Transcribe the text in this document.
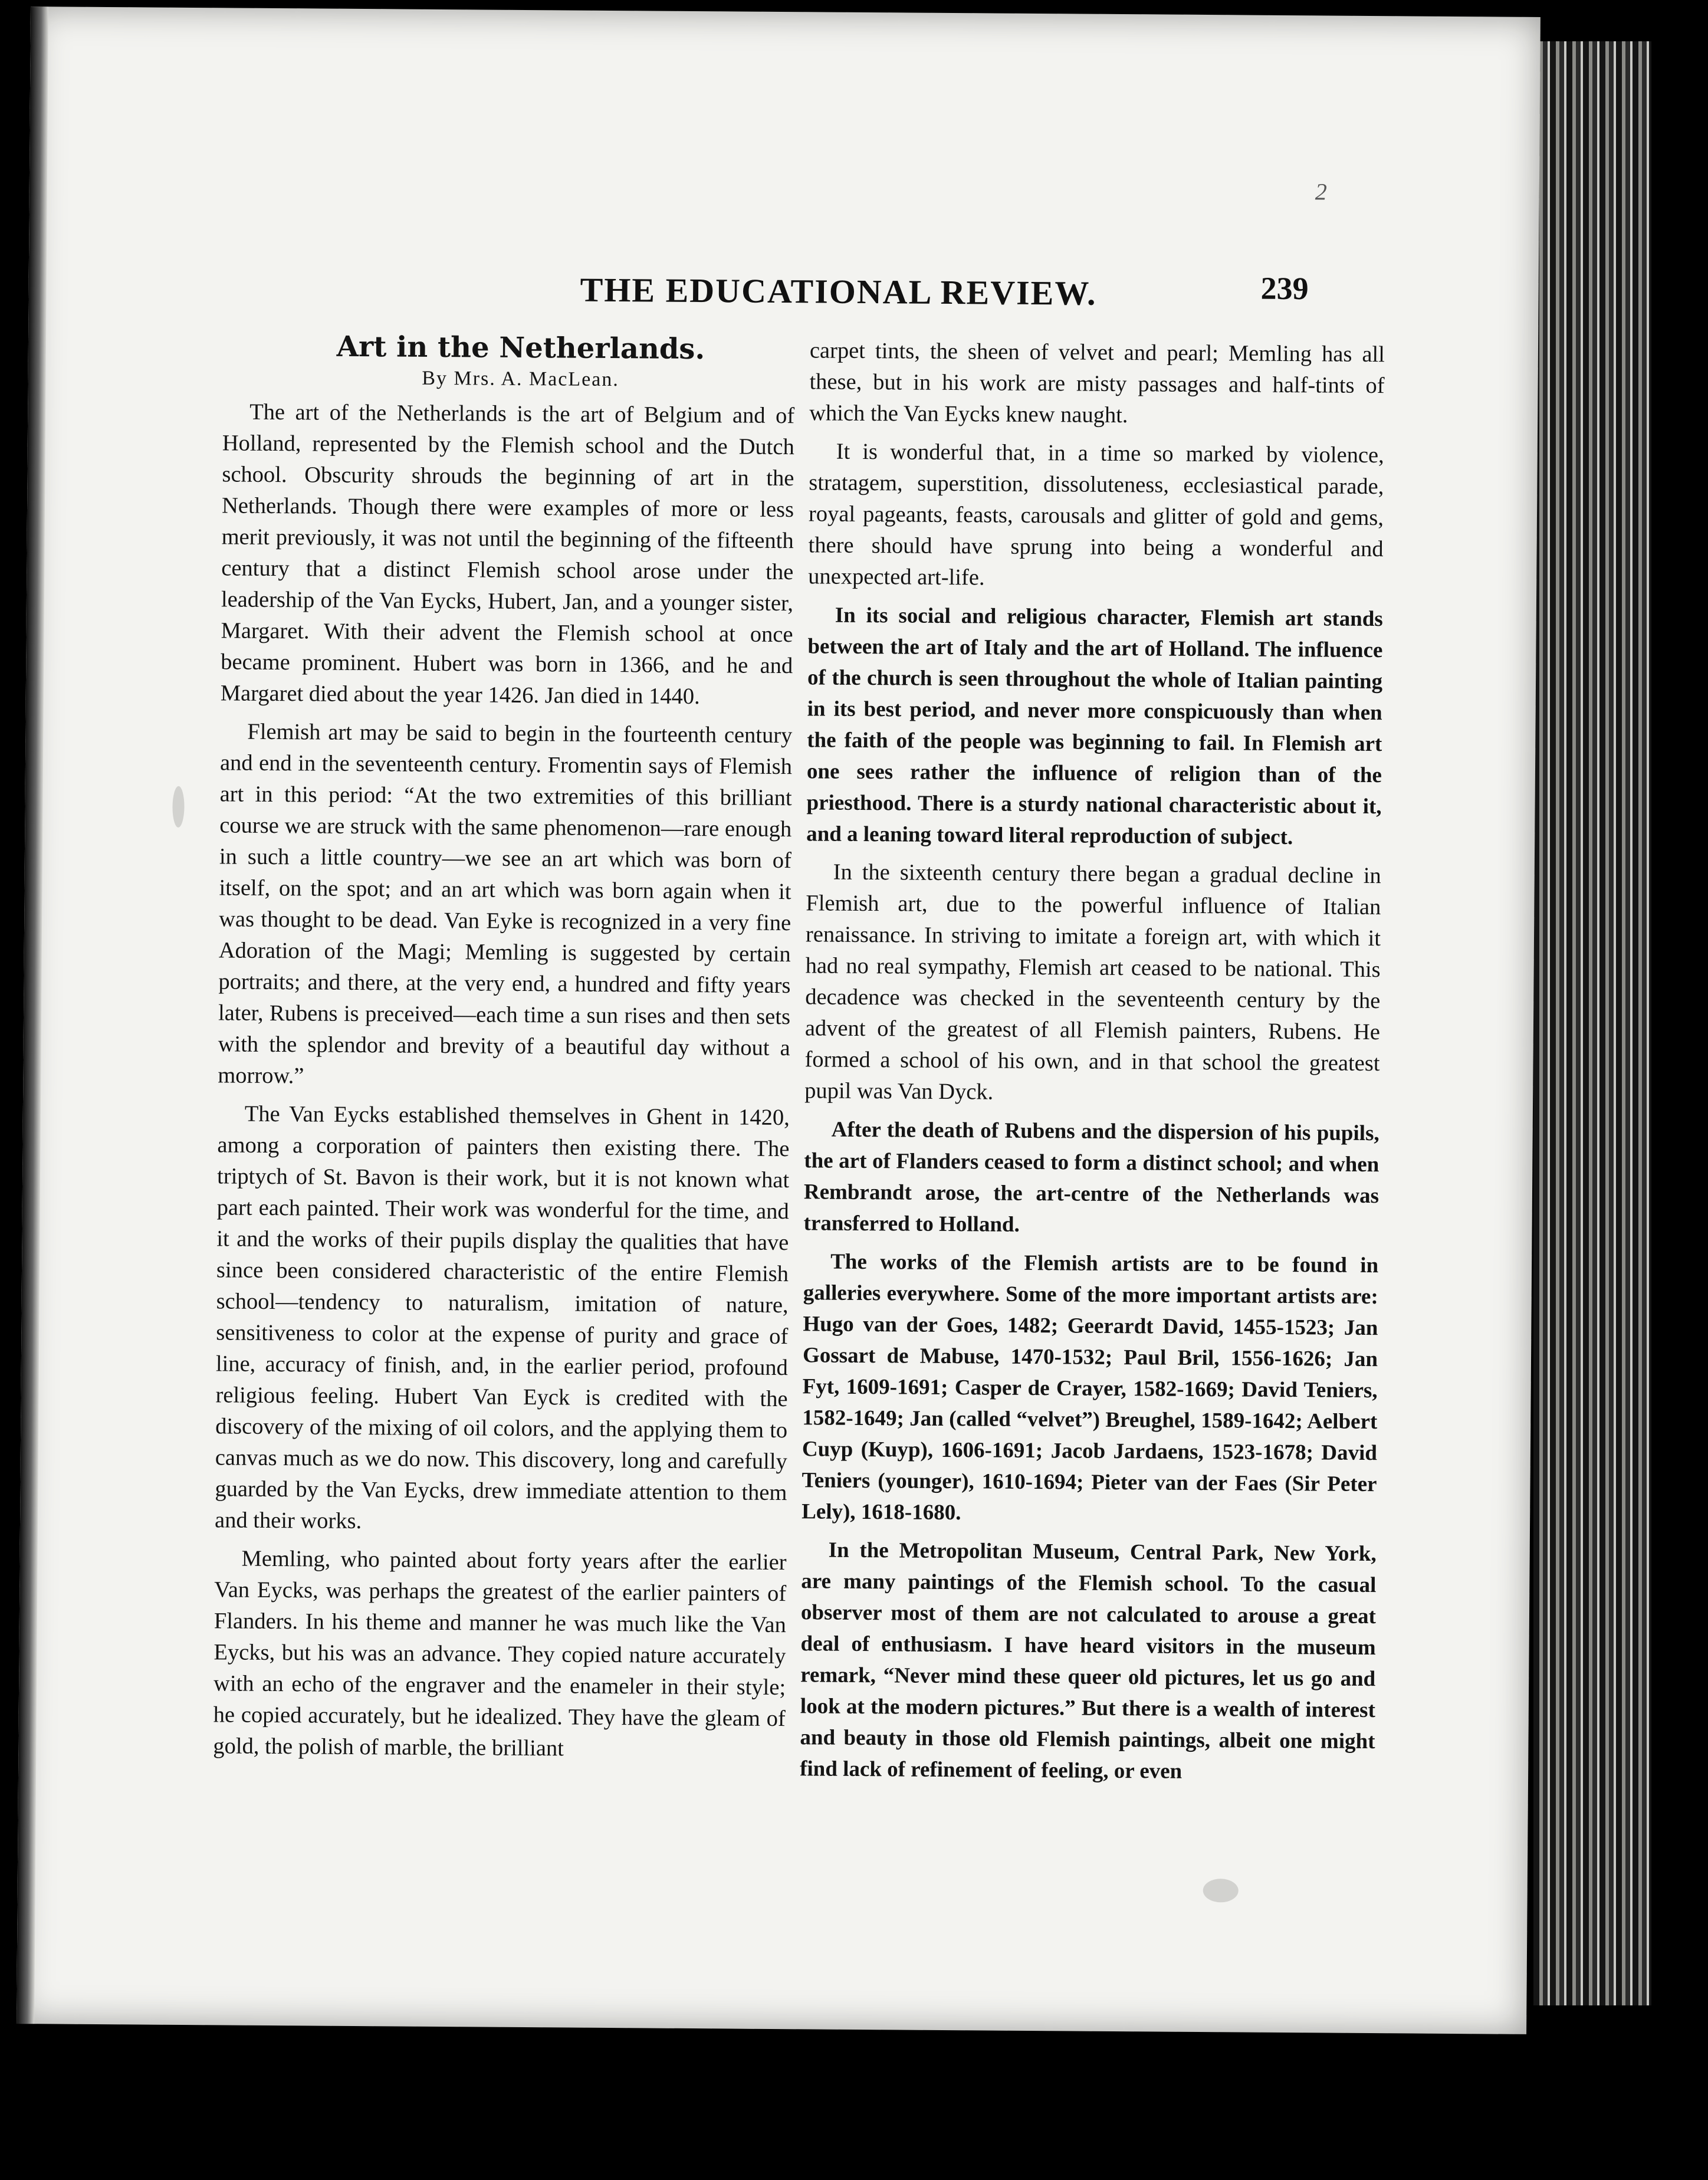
2
THE EDUCATIONAL REVIEW.	239
Art in the Netherlands.
By Mrs. A. MacLean.

The art of the Netherlands is the art of Belgium and of Holland, represented by the Flemish school and the Dutch school. Obscurity shrouds the beginning of art in the Netherlands. Though there were examples of more or less merit previously, it was not until the beginning of the fifteenth century that a distinct Flemish school arose under the leadership of the Van Eycks, Hubert, Jan, and a younger sister, Margaret. With their advent the Flemish school at once became prominent. Hubert was born in 1366, and he and Margaret died about the year 1426. Jan died in 1440.

Flemish art may be said to begin in the fourteenth century and end in the seventeenth century. Fromentin says of Flemish art in this period: “At the two extremities of this brilliant course we are struck with the same phenomenon—rare enough in such a little country—we see an art which was born of itself, on the spot; and an art which was born again when it was thought to be dead. Van Eyke is recognized in a very fine Adoration of the Magi; Memling is suggested by certain portraits; and there, at the very end, a hundred and fifty years later, Rubens is preceived—each time a sun rises and then sets with the splendor and brevity of a beautiful day without a morrow.”

The Van Eycks established themselves in Ghent in 1420, among a corporation of painters then existing there. The triptych of St. Bavon is their work, but it is not known what part each painted. Their work was wonderful for the time, and it and the works of their pupils display the qualities that have since been considered characteristic of the entire Flemish school—tendency to naturalism, imitation of nature, sensitiveness to color at the expense of purity and grace of line, accuracy of finish, and, in the earlier period, profound religious feeling. Hubert Van Eyck is credited with the discovery of the mixing of oil colors, and the applying them to canvas much as we do now. This discovery, long and carefully guarded by the Van Eycks, drew immediate attention to them and their works.

Memling, who painted about forty years after the earlier Van Eycks, was perhaps the greatest of the earlier painters of Flanders. In his theme and manner he was much like the Van Eycks, but his was an advance. They copied nature accurately with an echo of the engraver and the enameler in their style; he copied accurately, but he idealized. They have the gleam of gold, the polish of marble, the brilliant

carpet tints, the sheen of velvet and pearl; Memling has all these, but in his work are misty passages and half-tints of which the Van Eycks knew naught.

It is wonderful that, in a time so marked by violence, stratagem, superstition, dissoluteness, ecclesiastical parade, royal pageants, feasts, carousals and glitter of gold and gems, there should have sprung into being a wonderful and unexpected art-life.

In its social and religious character, Flemish art stands between the art of Italy and the art of Holland. The influence of the church is seen throughout the whole of Italian painting in its best period, and never more conspicuously than when the faith of the people was beginning to fail. In Flemish art one sees rather the influence of religion than of the priesthood. There is a sturdy national characteristic about it, and a leaning toward literal reproduction of subject.

In the sixteenth century there began a gradual decline in Flemish art, due to the powerful influence of Italian renaissance. In striving to imitate a foreign art, with which it had no real sympathy, Flemish art ceased to be national. This decadence was checked in the seventeenth century by the advent of the greatest of all Flemish painters, Rubens. He formed a school of his own, and in that school the greatest pupil was Van Dyck.

After the death of Rubens and the dispersion of his pupils, the art of Flanders ceased to form a distinct school; and when Rembrandt arose, the art-centre of the Netherlands was transferred to Holland.

The works of the Flemish artists are to be found in galleries everywhere. Some of the more important artists are: Hugo van der Goes, 1482; Geerardt David, 1455-1523; Jan Gossart de Mabuse, 1470-1532; Paul Bril, 1556-1626; Jan Fyt, 1609-1691; Casper de Crayer, 1582-1669; David Teniers, 1582-1649; Jan (called “velvet”) Breughel, 1589-1642; Aelbert Cuyp (Kuyp), 1606-1691; Jacob Jardaens, 1523-1678; David Teniers (younger), 1610-1694; Pieter van der Faes (Sir Peter Lely), 1618-1680.

In the Metropolitan Museum, Central Park, New York, are many paintings of the Flemish school. To the casual observer most of them are not calculated to arouse a great deal of enthusiasm. I have heard visitors in the museum remark, “Never mind these queer old pictures, let us go and look at the modern pictures.” But there is a wealth of interest and beauty in those old Flemish paintings, albeit one might find lack of refinement of feeling, or even
